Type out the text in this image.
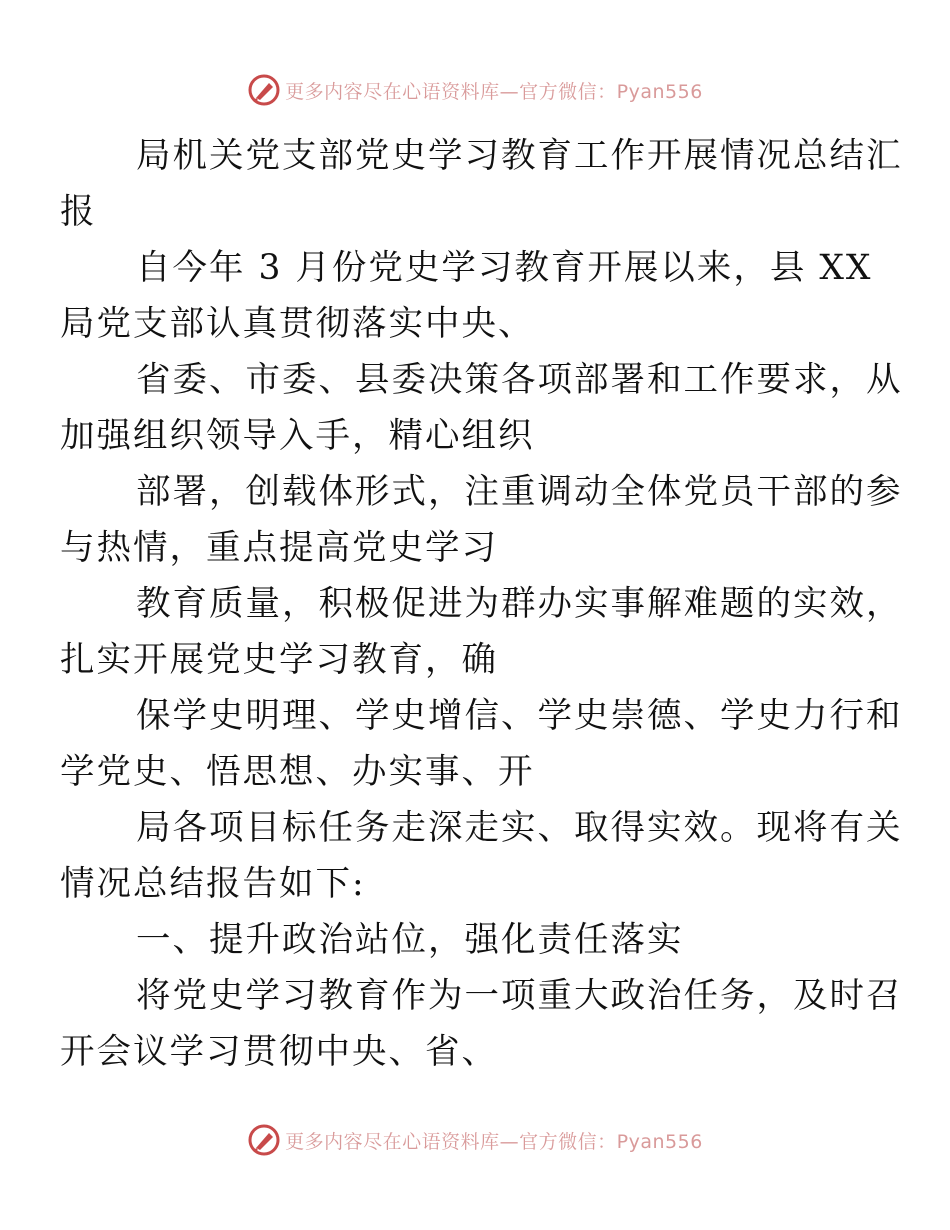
更多内容尽在心语资料库—官方微信：Pyan556

局机关党支部党史学习教育工作开展情况总结汇
报

自今年 3 月份党史学习教育开展以来，县 XX
局党支部认真贯彻落实中央、

省委、市委、县委决策各项部署和工作要求，从
加强组织领导入手，精心组织

部署，创载体形式，注重调动全体党员干部的参
与热情，重点提高党史学习

教育质量，积极促进为群办实事解难题的实效，
扎实开展党史学习教育，确

保学史明理、学史增信、学史崇德、学史力行和
学党史、悟思想、办实事、开

局各项目标任务走深走实、取得实效。现将有关
情况总结报告如下:

一、提升政治站位，强化责任落实

将党史学习教育作为一项重大政治任务，及时召
开会议学习贯彻中央、省、

更多内容尽在心语资料库—官方微信：Pyan556
